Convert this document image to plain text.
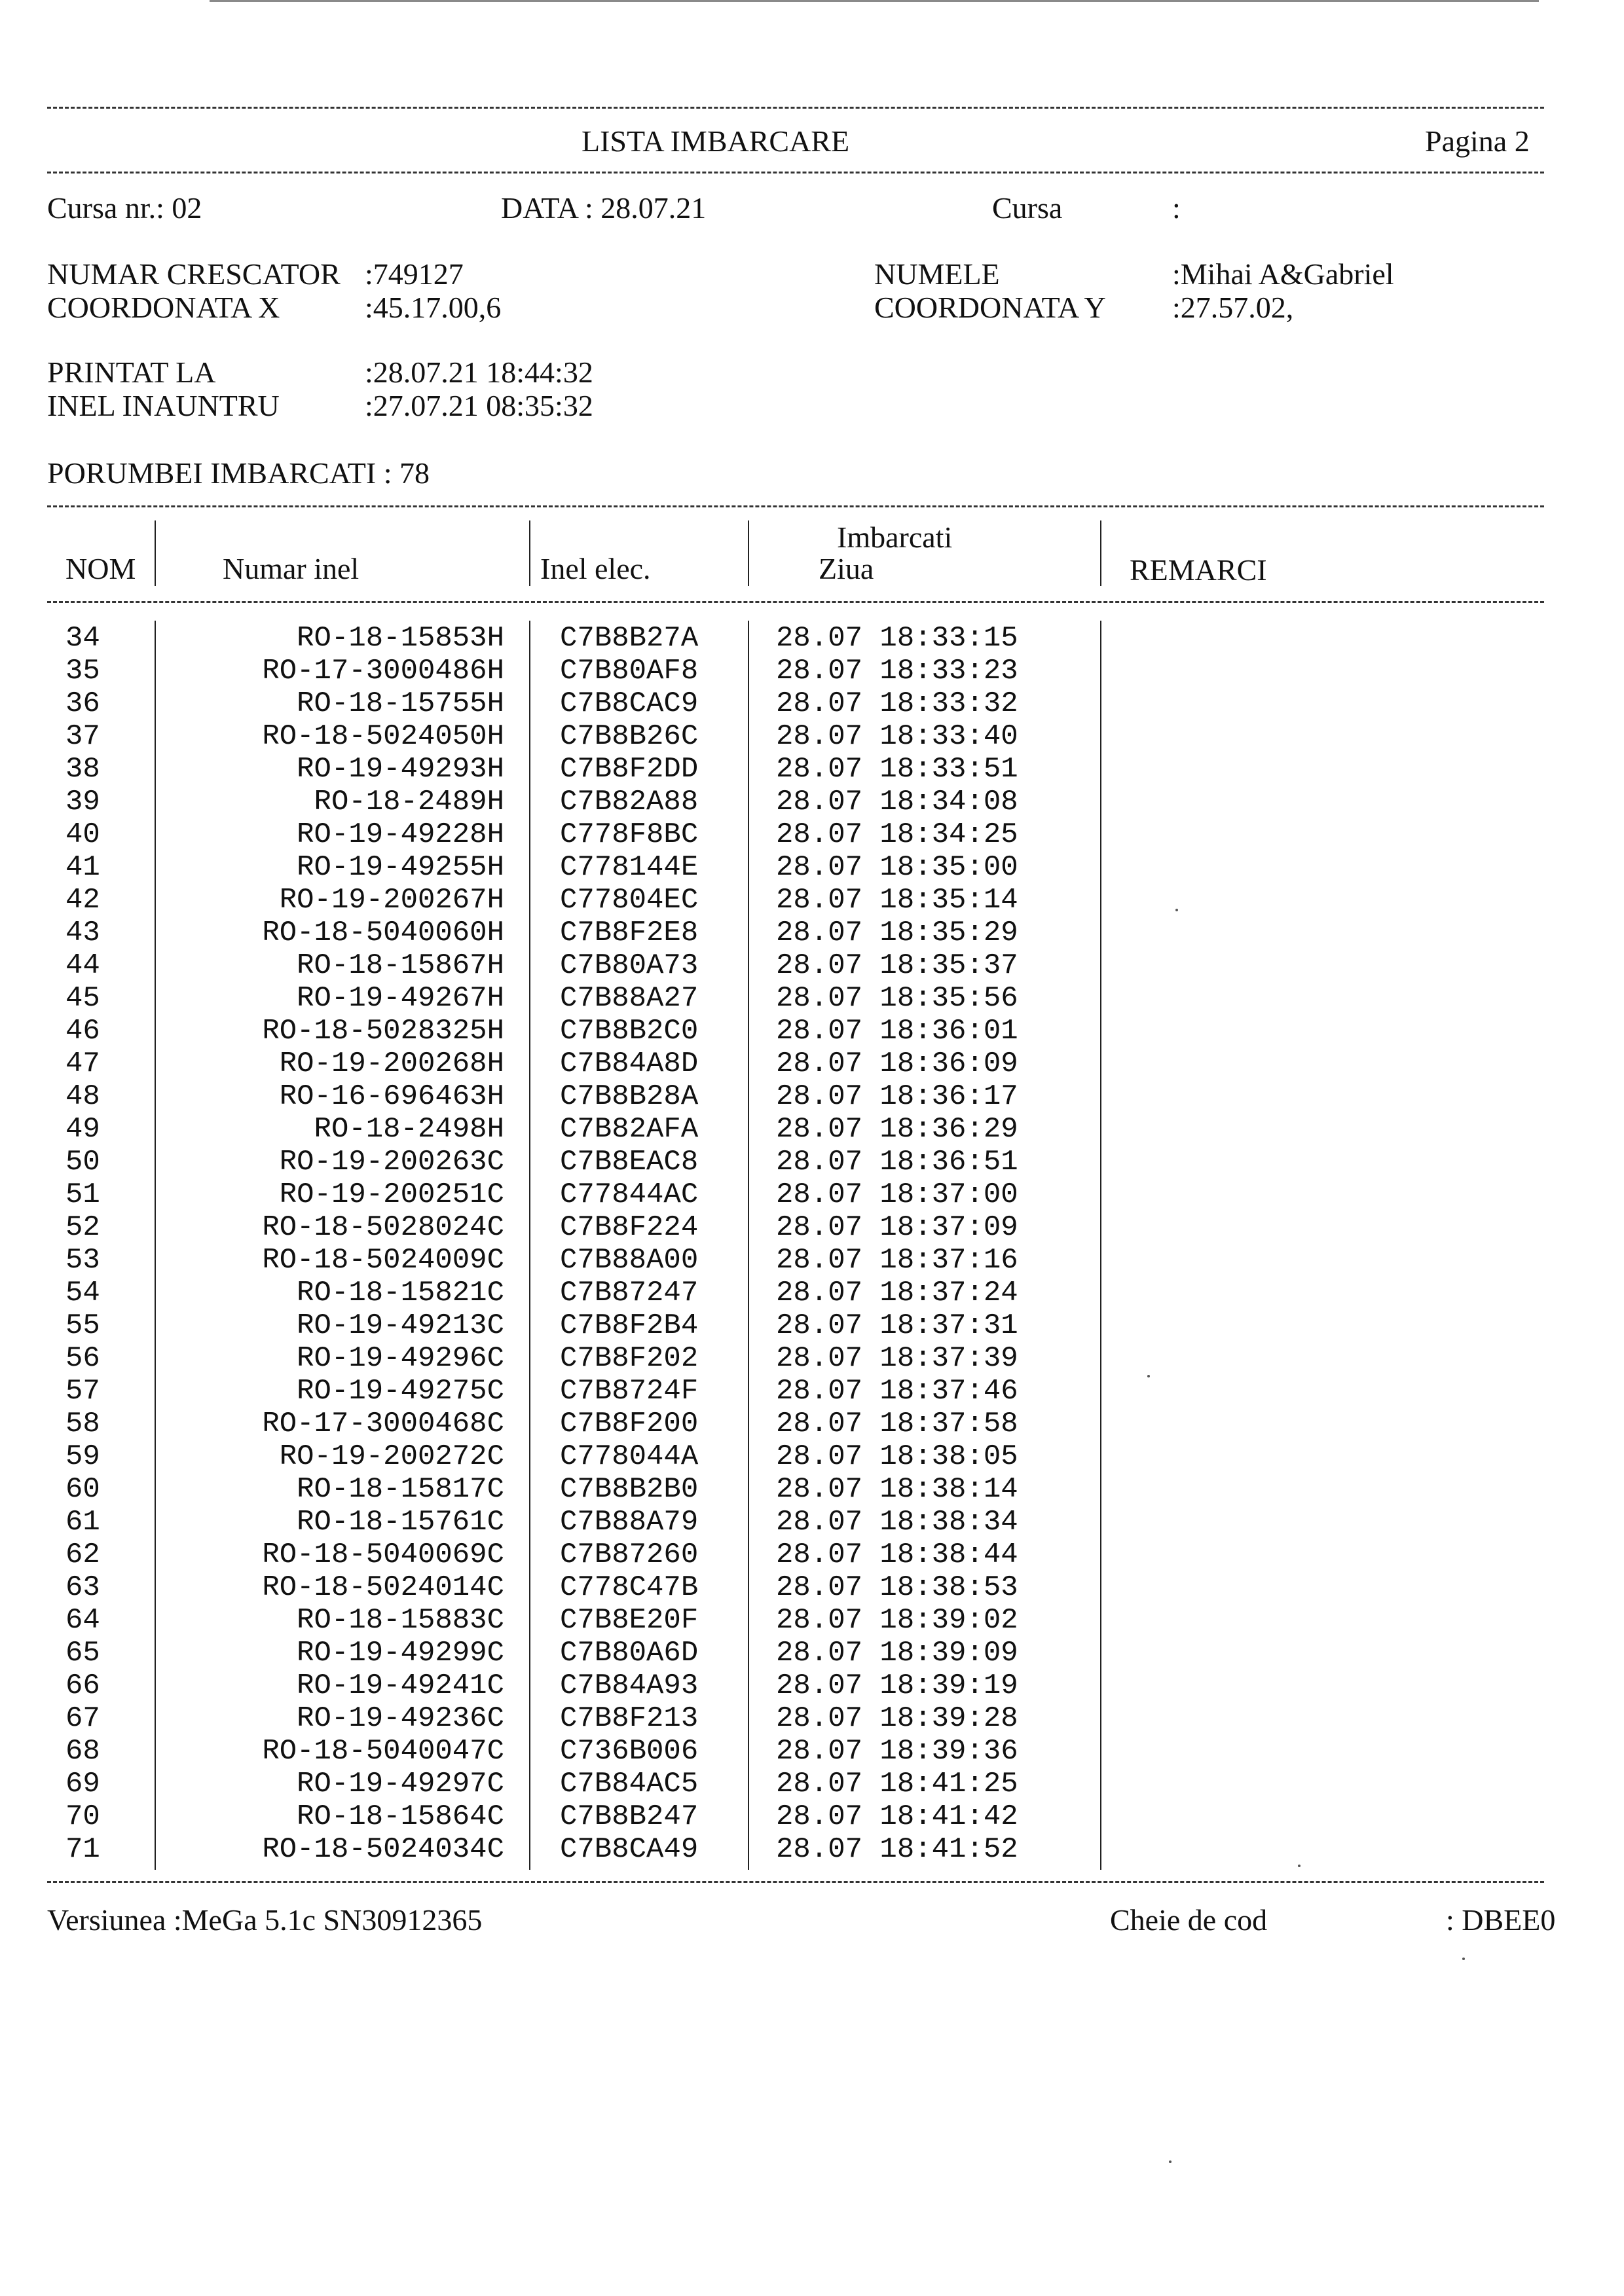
LISTA IMBARCARE	Pagina 2
Cursa nr.: 02	DATA : 28.07.21	Cursa	:
NUMAR CRESCATOR :749127
COORDONATA X	:45.17.00,6
NUMELE	:Mihai A&Gabriel
COORDONATA Y :27.57.02,
PRINTAT LA	:28.07.21 18:44:32
INEL INAUNTRU	:27.07.21 08:35:32
PORUMBEI IMBARCATI : 78
NOM	Numar inel	Inel elec.
Imbarcati
Ziua	REMARCI
34	RO-18-15853H C7B8B27A	28.07 18:33:15
35	RO-17-3000486H C7B80AF8	28.07 18:33:23
36	RO-18-15755H C7B8CAC9	28.07 18:33:32
37	RO-18-5024050H C7B8B26C	28.07 18:33:40
38	RO-19-49293H C7B8F2DD	28.07 18:33:51
39	RO-18-2489H C7B82A88	28.07 18:34:08
40	RO-19-49228H C778F8BC	28.07 18:34:25
41	RO-19-49255H C778144E	28.07 18:35:00
42	RO-19-200267H C77804EC	28.07 18:35:14
43	RO-18-5040060H C7B8F2E8	28.07 18:35:29
44	RO-18-15867H C7B80A73	28.07 18:35:37
45	RO-19-49267H C7B88A27	28.07 18:35:56
46	RO-18-5028325H C7B8B2C0	28.07 18:36:01
47	RO-19-200268H C7B84A8D	28.07 18:36:09
48	RO-16-696463H C7B8B28A	28.07 18:36:17
49	RO-18-2498H C7B82AFA	28.07 18:36:29
50	RO-19-200263C C7B8EAC8	28.07 18:36:51
51	RO-19-200251C C77844AC	28.07 18:37:00
52	RO-18-5028024C C7B8F224	28.07 18:37:09
53	RO-18-5024009C C7B88A00	28.07 18:37:16
54	RO-18-15821C C7B87247	28.07 18:37:24
55	RO-19-49213C C7B8F2B4	28.07 18:37:31
56	RO-19-49296C C7B8F202	28.07 18:37:39
57	RO-19-49275C C7B8724F	28.07 18:37:46
58	RO-17-3000468C C7B8F200	28.07 18:37:58
59	RO-19-200272C C778044A	28.07 18:38:05
60	RO-18-15817C C7B8B2B0	28.07 18:38:14
61	RO-18-15761C C7B88A79	28.07 18:38:34
62	RO-18-5040069C C7B87260	28.07 18:38:44
63	RO-18-5024014C C778C47B	28.07 18:38:53
64	RO-18-15883C C7B8E20F	28.07 18:39:02
65	RO-19-49299C C7B80A6D	28.07 18:39:09
66	RO-19-49241C C7B84A93	28.07 18:39:19
67	RO-19-49236C C7B8F213	28.07 18:39:28
68	RO-18-5040047C C736B006	28.07 18:39:36
69	RO-19-49297C C7B84AC5	28.07 18:41:25
70	RO-18-15864C C7B8B247	28.07 18:41:42
71	RO-18-5024034C C7B8CA49	28.07 18:41:52
Versiunea :MeGa 5.1c SN30912365	Cheie de cod	: DBEE0
